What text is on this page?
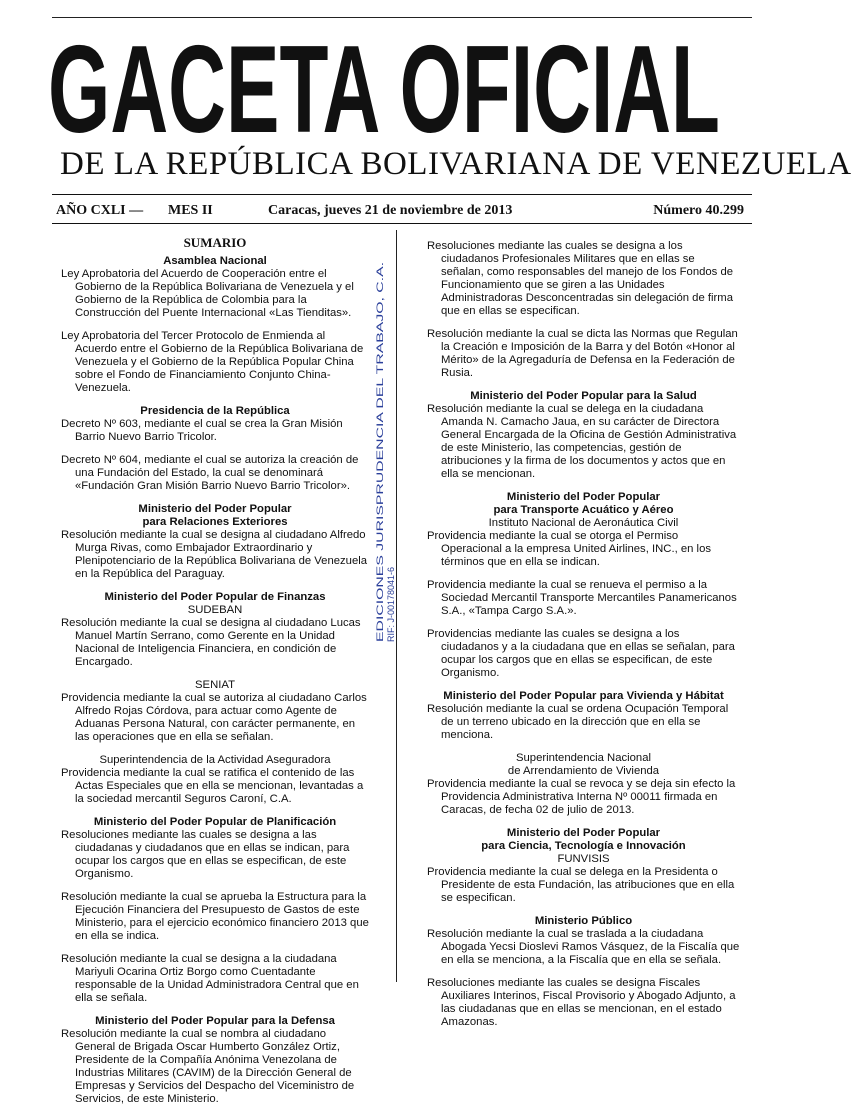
GACETA OFICIAL
DE LA REPÚBLICA BOLIVARIANA DE VENEZUELA
AÑO CXLI –– MES II	Caracas, jueves 21 de noviembre de 2013	Número 40.299
EDICIONES JURISPRUDENCIA DEL TRABAJO, C.A. RIF: J-00178041-6
SUMARIO
Asamblea Nacional
Ley Aprobatoria del Acuerdo de Cooperación entre el Gobierno de la República Bolivariana de Venezuela y el Gobierno de la República de Colombia para la Construcción del Puente Internacional «Las Tienditas».
Ley Aprobatoria del Tercer Protocolo de Enmienda al Acuerdo entre el Gobierno de la República Bolivariana de Venezuela y el Gobierno de la República Popular China sobre el Fondo de Financiamiento Conjunto China-Venezuela.
Presidencia de la República
Decreto Nº 603, mediante el cual se crea la Gran Misión Barrio Nuevo Barrio Tricolor.
Decreto Nº 604, mediante el cual se autoriza la creación de una Fundación del Estado, la cual se denominará «Fundación Gran Misión Barrio Nuevo Barrio Tricolor».
Ministerio del Poder Popular
para Relaciones Exteriores
Resolución mediante la cual se designa al ciudadano Alfredo Murga Rivas, como Embajador Extraordinario y Plenipotenciario de la República Bolivariana de Venezuela en la República del Paraguay.
Ministerio del Poder Popular de Finanzas
SUDEBAN
Resolución mediante la cual se designa al ciudadano Lucas Manuel Martín Serrano, como Gerente en la Unidad Nacional de Inteligencia Financiera, en condición de Encargado.
SENIAT
Providencia mediante la cual se autoriza al ciudadano Carlos Alfredo Rojas Córdova, para actuar como Agente de Aduanas Persona Natural, con carácter permanente, en las operaciones que en ella se señalan.
Superintendencia de la Actividad Aseguradora
Providencia mediante la cual se ratifica el contenido de las Actas Especiales que en ella se mencionan, levantadas a la sociedad mercantil Seguros Caroní, C.A.
Ministerio del Poder Popular de Planificación
Resoluciones mediante las cuales se designa a las ciudadanas y ciudadanos que en ellas se indican, para ocupar los cargos que en ellas se especifican, de este Organismo.
Resolución mediante la cual se aprueba la Estructura para la Ejecución Financiera del Presupuesto de Gastos de este Ministerio, para el ejercicio económico financiero 2013 que en ella se indica.
Resolución mediante la cual se designa a la ciudadana Mariyuli Ocarina Ortiz Borgo como Cuentadante responsable de la Unidad Administradora Central que en ella se señala.
Ministerio del Poder Popular para la Defensa
Resolución mediante la cual se nombra al ciudadano General de Brigada Oscar Humberto González Ortiz, Presidente de la Compañía Anónima Venezolana de Industrias Militares (CAVIM) de la Dirección General de Empresas y Servicios del Despacho del Viceministro de Servicios, de este Ministerio.
Resoluciones mediante las cuales se designa a los ciudadanos Profesionales Militares que en ellas se señalan, como responsables del manejo de los Fondos de Funcionamiento que se giren a las Unidades Administradoras Desconcentradas sin delegación de firma que en ellas se especifican.
Resolución mediante la cual se dicta las Normas que Regulan la Creación e Imposición de la Barra y del Botón «Honor al Mérito» de la Agregaduría de Defensa en la Federación de Rusia.
Ministerio del Poder Popular para la Salud
Resolución mediante la cual se delega en la ciudadana Amanda N. Camacho Jaua, en su carácter de Directora General Encargada de la Oficina de Gestión Administrativa de este Ministerio, las competencias, gestión de atribuciones y la firma de los documentos y actos que en ella se mencionan.
Ministerio del Poder Popular
para Transporte Acuático y Aéreo
Instituto Nacional de Aeronáutica Civil
Providencia mediante la cual se otorga el Permiso Operacional a la empresa United Airlines, INC., en los términos que en ella se indican.
Providencia mediante la cual se renueva el permiso a la Sociedad Mercantil Transporte Mercantiles Panamericanos S.A., «Tampa Cargo S.A.».
Providencias mediante las cuales se designa a los ciudadanos y a la ciudadana que en ellas se señalan, para ocupar los cargos que en ellas se especifican, de este Organismo.
Ministerio del Poder Popular para Vivienda y Hábitat
Resolución mediante la cual se ordena Ocupación Temporal de un terreno ubicado en la dirección que en ella se menciona.
Superintendencia Nacional
de Arrendamiento de Vivienda
Providencia mediante la cual se revoca y se deja sin efecto la Providencia Administrativa Interna Nº 00011 firmada en Caracas, de fecha 02 de julio de 2013.
Ministerio del Poder Popular
para Ciencia, Tecnología e Innovación
FUNVISIS
Providencia mediante la cual se delega en la Presidenta o Presidente de esta Fundación, las atribuciones que en ella se especifican.
Ministerio Público
Resolución mediante la cual se traslada a la ciudadana Abogada Yecsi Dioslevi Ramos Vásquez, de la Fiscalía que en ella se menciona, a la Fiscalía que en ella se señala.
Resoluciones mediante las cuales se designa Fiscales Auxiliares Interinos, Fiscal Provisorio y Abogado Adjunto, a las ciudadanas que en ellas se mencionan, en el estado Amazonas.
